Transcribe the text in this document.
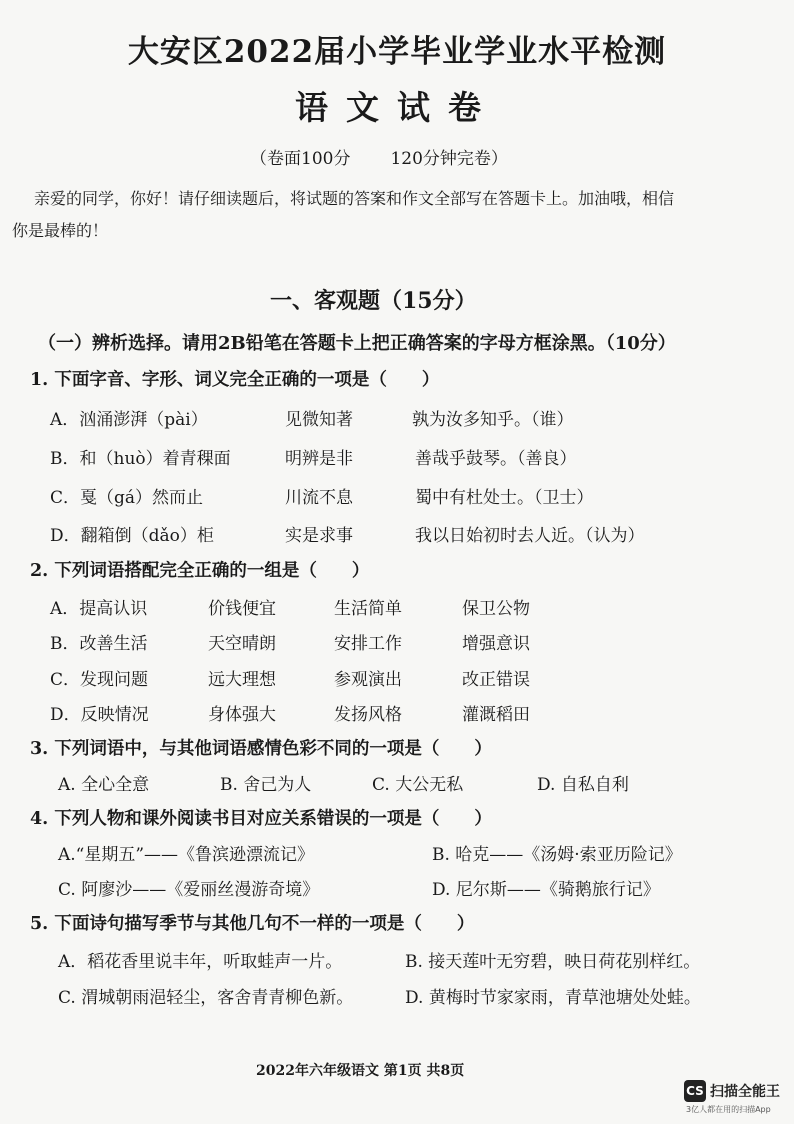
大安区2022届小学毕业学业水平检测
语文试卷
（卷面100分 120分钟完卷）
亲爱的同学，你好！请仔细读题后，将试题的答案和作文全部写在答题卡上。加油哦，相信
你是最棒的！
一、客观题（15分）
（一）辨析选择。请用2B铅笔在答题卡上把正确答案的字母方框涂黑。（10分）
1. 下面字音、字形、词义完全正确的一项是（　　）
A．汹涌澎湃（pài）	见微知著	孰为汝多知乎。（谁）
B．和（huò）着青稞面	明辨是非	善哉乎鼓琴。（善良）
C．戛（gá）然而止	川流不息	蜀中有杜处士。（卫士）
D．翻箱倒（dǎo）柜	实是求事	我以日始初时去人近。（认为）
2. 下列词语搭配完全正确的一组是（　　）
A．提高认识	价钱便宜	生活简单	保卫公物
B．改善生活	天空晴朗	安排工作	增强意识
C．发现问题	远大理想	参观演出	改正错误
D．反映情况	身体强大	发扬风格	灌溉稻田
3. 下列词语中，与其他词语感情色彩不同的一项是（　　）
A. 全心全意	B. 舍己为人	C. 大公无私	D. 自私自利
4. 下列人物和课外阅读书目对应关系错误的一项是（　　）
A.“星期五”——《鲁滨逊漂流记》	B. 哈克——《汤姆·索亚历险记》
C. 阿廖沙——《爱丽丝漫游奇境》	D. 尼尔斯——《骑鹅旅行记》
5. 下面诗句描写季节与其他几句不一样的一项是（　　）
A．稻花香里说丰年，听取蛙声一片。	B. 接天莲叶无穷碧，映日荷花别样红。
C. 渭城朝雨浥轻尘，客舍青青柳色新。	D. 黄梅时节家家雨，青草池塘处处蛙。
2022年六年级语文 第1页 共8页
CS 扫描全能王
3亿人都在用的扫描App
